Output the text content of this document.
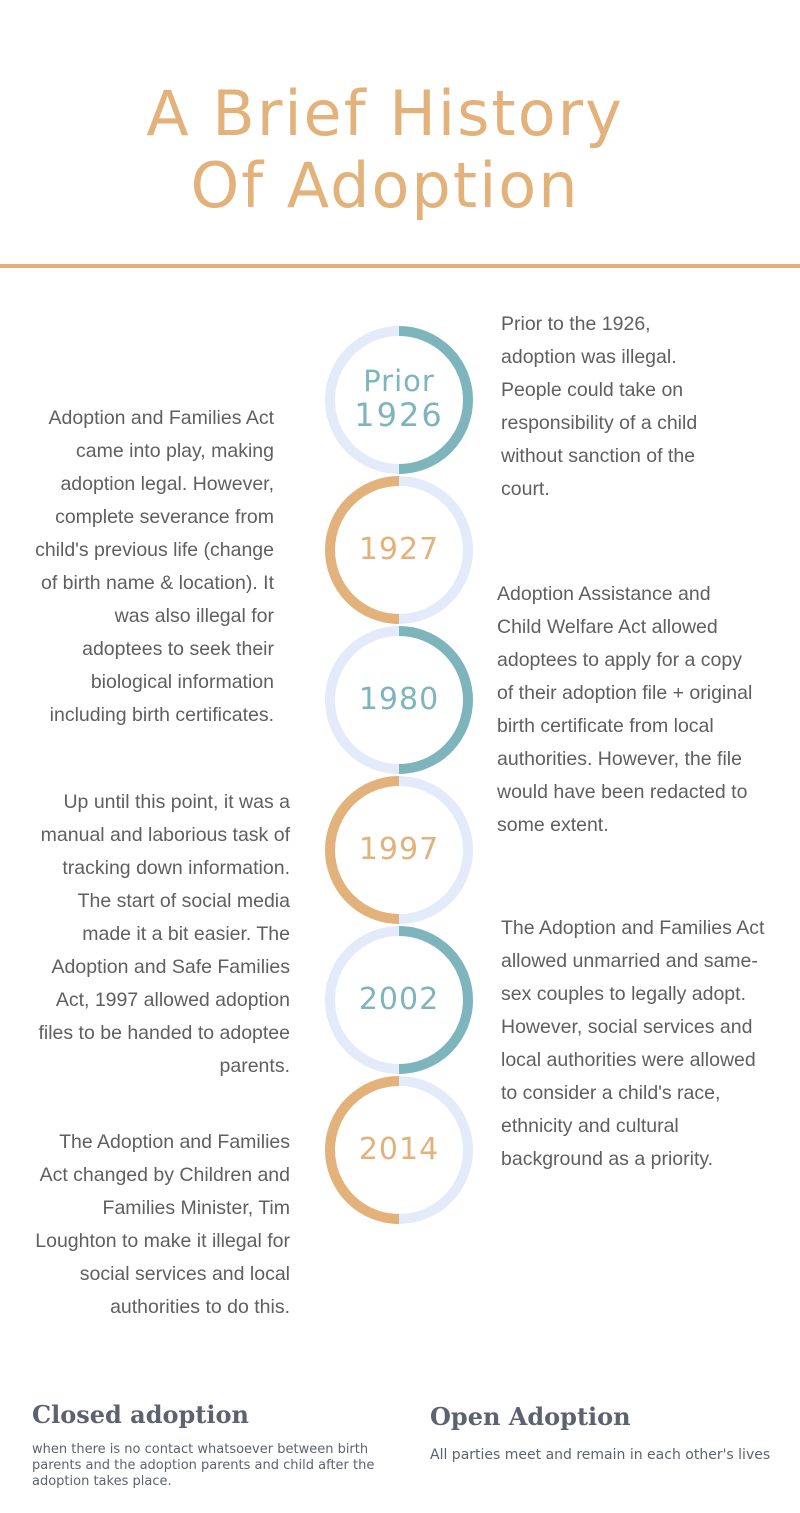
A Brief History
Of Adoption
Prior
1926
1927
1980
1997
2002
2014
Prior to the 1926, adoption was illegal. People could take on responsibility of a child without sanction of the court.
Adoption and Families Act came into play, making adoption legal. However, complete severance from child's previous life (change of birth name & location). It was also illegal for adoptees to seek their biological information including birth certificates.
Adoption Assistance and Child Welfare Act allowed adoptees to apply for a copy of their adoption file + original birth certificate from local authorities. However, the file would have been redacted to some extent.
Up until this point, it was a manual and laborious task of tracking down information. The start of social media made it a bit easier. The Adoption and Safe Families Act, 1997 allowed adoption files to be handed to adoptee parents.
The Adoption and Families Act allowed unmarried and same-sex couples to legally adopt. However, social services and local authorities were allowed to consider a child's race, ethnicity and cultural background as a priority.
The Adoption and Families Act changed by Children and Families Minister, Tim Loughton to make it illegal for social services and local authorities to do this.
Closed adoption
when there is no contact whatsoever between birth parents and the adoption parents and child after the adoption takes place.
Open Adoption
All parties meet and remain in each other's lives
